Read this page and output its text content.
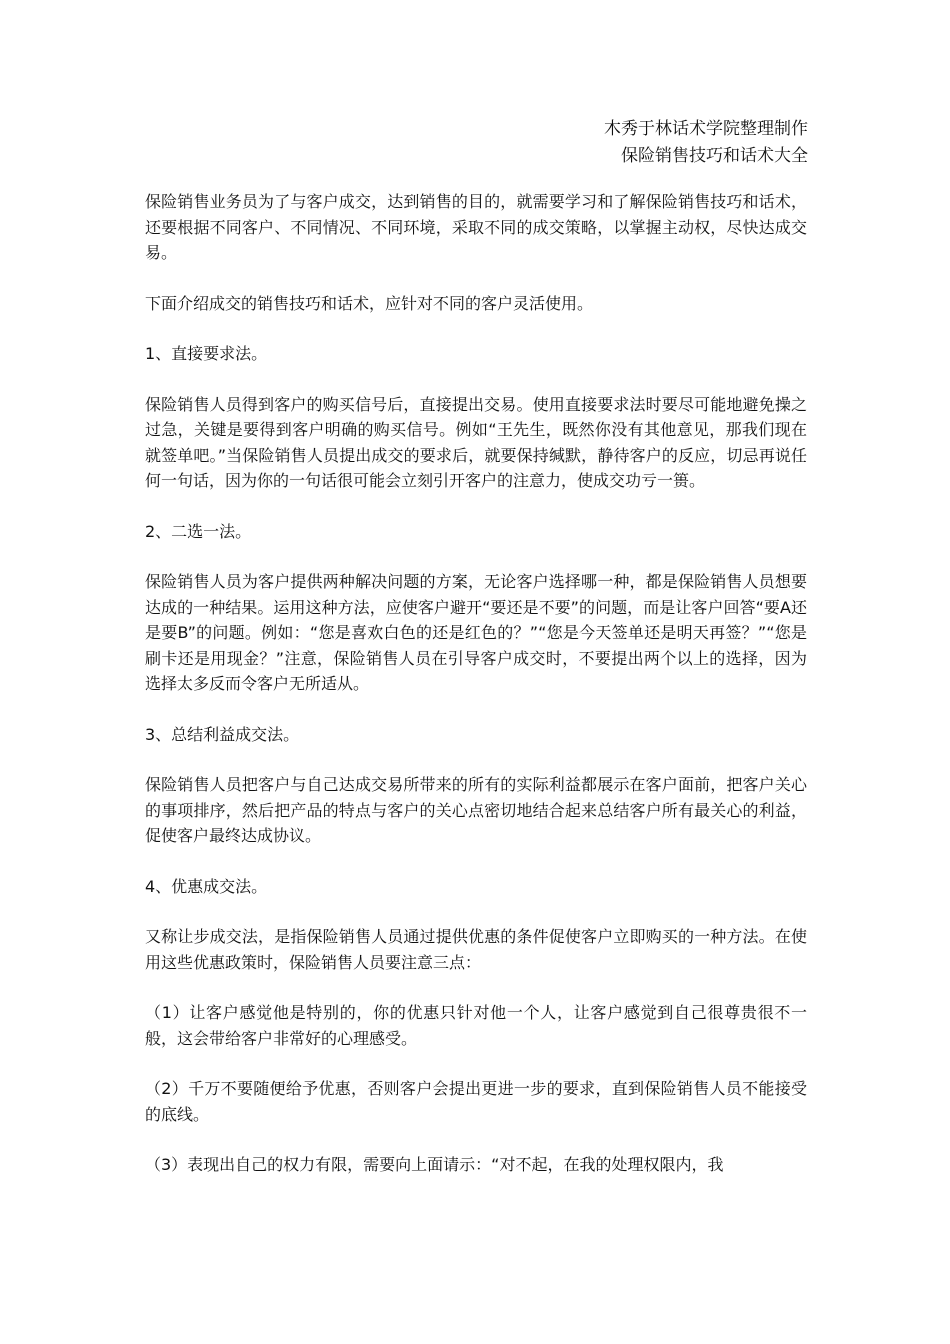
木秀于林话术学院整理制作
保险销售技巧和话术大全

保险销售业务员为了与客户成交，达到销售的目的，就需要学习和了解保险销售技巧和话术，还要根据不同客户、不同情况、不同环境，采取不同的成交策略，以掌握主动权，尽快达成交易。

下面介绍成交的销售技巧和话术，应针对不同的客户灵活使用。

1、直接要求法。

保险销售人员得到客户的购买信号后，直接提出交易。使用直接要求法时要尽可能地避免操之过急，关键是要得到客户明确的购买信号。例如“王先生，既然你没有其他意见，那我们现在就签单吧。”当保险销售人员提出成交的要求后，就要保持缄默，静待客户的反应，切忌再说任何一句话，因为你的一句话很可能会立刻引开客户的注意力，使成交功亏一篑。

2、二选一法。

保险销售人员为客户提供两种解决问题的方案，无论客户选择哪一种，都是保险销售人员想要达成的一种结果。运用这种方法，应使客户避开“要还是不要”的问题，而是让客户回答“要A还是要B”的问题。例如：“您是喜欢白色的还是红色的？”“您是今天签单还是明天再签？”“您是刷卡还是用现金？”注意，保险销售人员在引导客户成交时，不要提出两个以上的选择，因为选择太多反而令客户无所适从。

3、总结利益成交法。

保险销售人员把客户与自己达成交易所带来的所有的实际利益都展示在客户面前，把客户关心的事项排序，然后把产品的特点与客户的关心点密切地结合起来总结客户所有最关心的利益，促使客户最终达成协议。

4、优惠成交法。

又称让步成交法，是指保险销售人员通过提供优惠的条件促使客户立即购买的一种方法。在使用这些优惠政策时，保险销售人员要注意三点：

（1）让客户感觉他是特别的，你的优惠只针对他一个人，让客户感觉到自己很尊贵很不一般，这会带给客户非常好的心理感受。

（2）千万不要随便给予优惠，否则客户会提出更进一步的要求，直到保险销售人员不能接受的底线。

（3）表现出自己的权力有限，需要向上面请示：“对不起，在我的处理权限内，我
